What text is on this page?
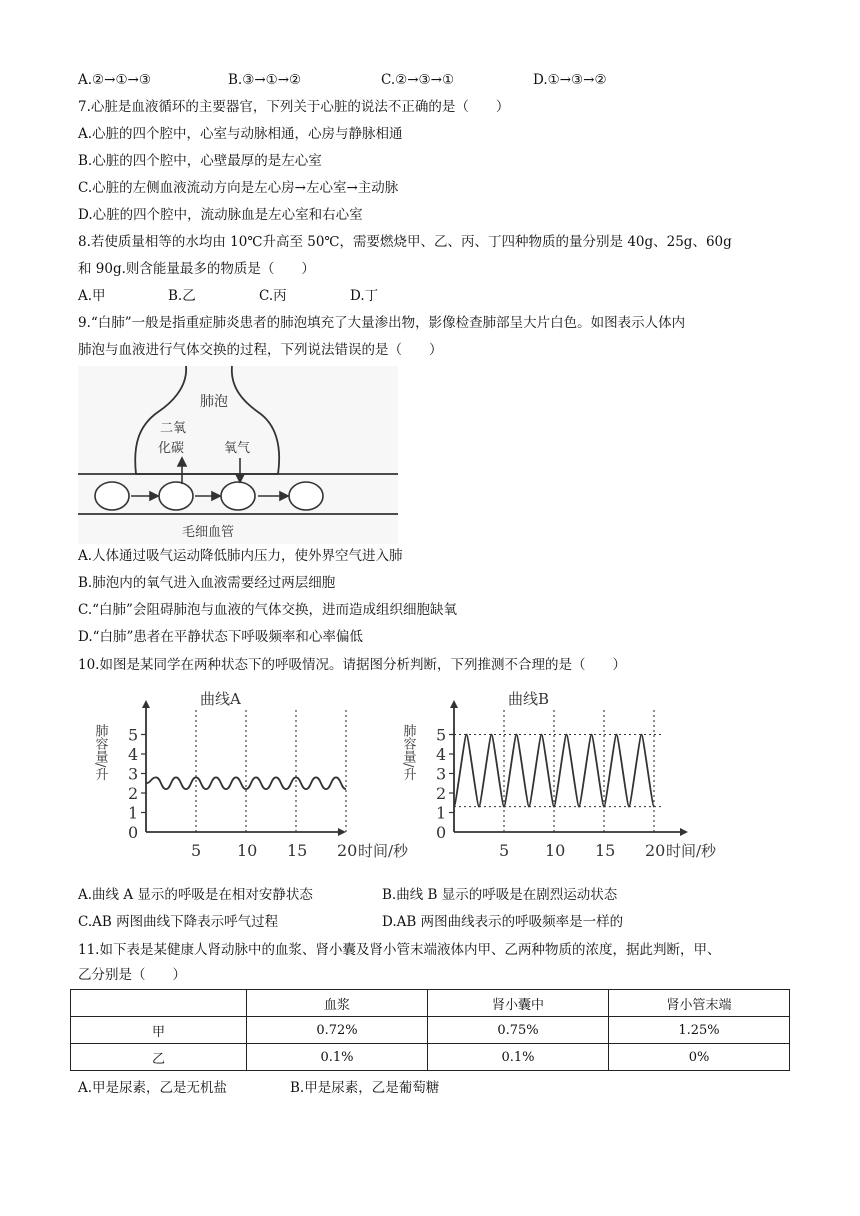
A.②→①→③	B.③→①→②	C.②→③→①	D.①→③→②
7.心脏是血液循环的主要器官，下列关于心脏的说法不正确的是（　　）
A.心脏的四个腔中，心室与动脉相通，心房与静脉相通
B.心脏的四个腔中，心壁最厚的是左心室
C.心脏的左侧血液流动方向是左心房→左心室→主动脉
D.心脏的四个腔中，流动脉血是左心室和右心室
8.若使质量相等的水均由 10℃升高至 50℃，需要燃烧甲、乙、丙、丁四种物质的量分别是 40g、25g、60g
和 90g.则含能量最多的物质是（　　）
A.甲	B.乙	C.丙	D.丁
9.“白肺”一般是指重症肺炎患者的肺泡填充了大量渗出物，影像检查肺部呈大片白色。如图表示人体内
肺泡与血液进行气体交换的过程，下列说法错误的是（　　）
肺泡
二氧
化碳	氧气
毛细血管
A.人体通过吸气运动降低肺内压力，使外界空气进入肺
B.肺泡内的氧气进入血液需要经过两层细胞
C.“白肺”会阻碍肺泡与血液的气体交换，进而造成组织细胞缺氧
D.“白肺”患者在平静状态下呼吸频率和心率偏低
10.如图是某同学在两种状态下的呼吸情况。请据图分析判断，下列推测不合理的是（　　）
曲线A
肺容量/升
0
1
2
3
4
5
5 10 15 20 时间/秒
曲线B
肺容量/升
0
1
2
3
4
5
5 10 15 20 时间/秒
A.曲线 A 显示的呼吸是在相对安静状态	B.曲线 B 显示的呼吸是在剧烈运动状态
C.AB 两图曲线下降表示呼气过程	D.AB 两图曲线表示的呼吸频率是一样的
11.如下表是某健康人肾动脉中的血浆、肾小囊及肾小管末端液体内甲、乙两种物质的浓度，据此判断，甲、
乙分别是（　　）
	血浆	肾小囊中	肾小管末端
甲	0.72%	0.75%	1.25%
乙	0.1%	0.1%	0%
A.甲是尿素，乙是无机盐	B.甲是尿素，乙是葡萄糖
